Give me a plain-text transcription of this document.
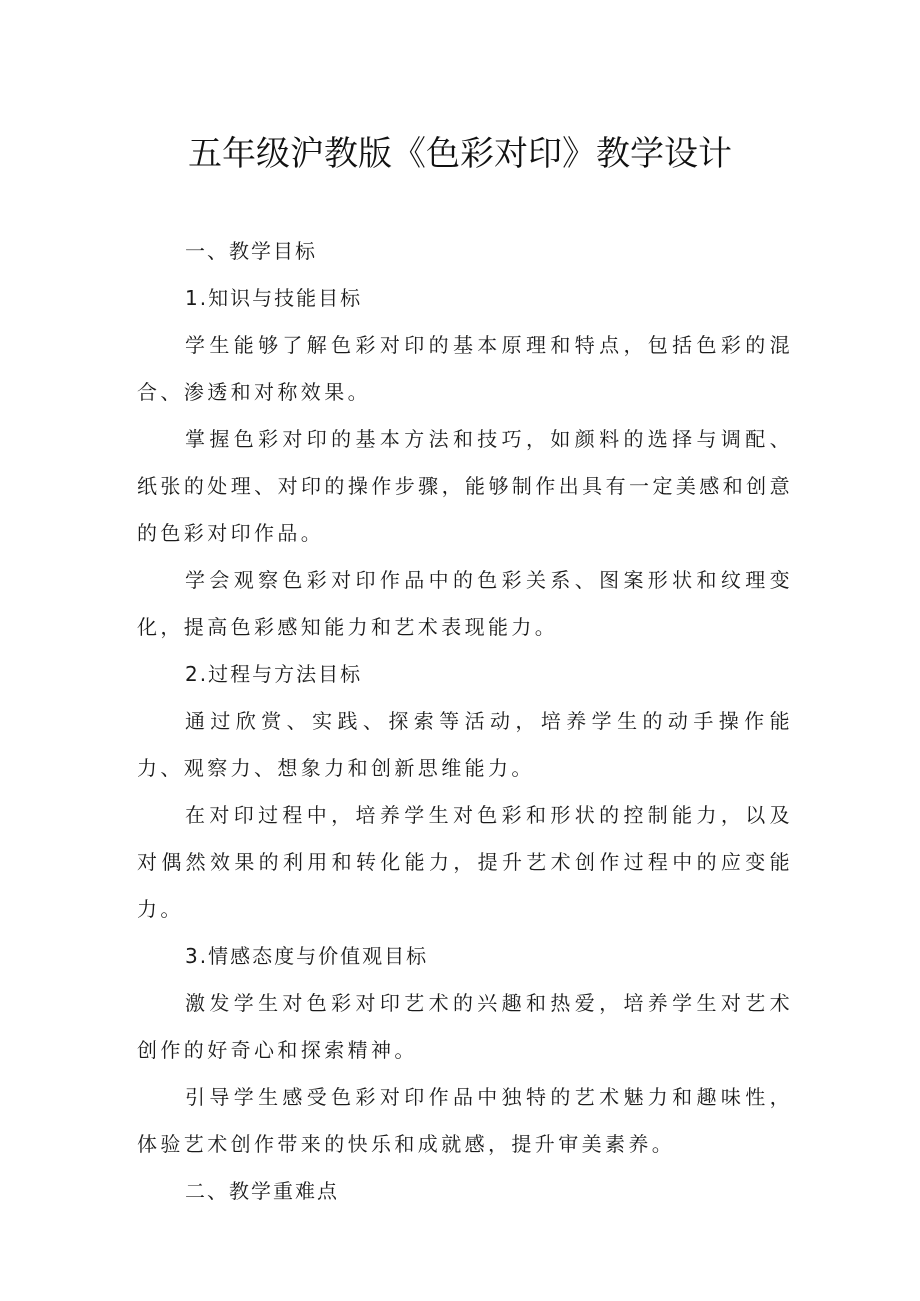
五年级沪教版《色彩对印》教学设计

一、教学目标

1.知识与技能目标

学生能够了解色彩对印的基本原理和特点，包括色彩的混合、渗透和对称效果。

掌握色彩对印的基本方法和技巧，如颜料的选择与调配、纸张的处理、对印的操作步骤，能够制作出具有一定美感和创意的色彩对印作品。

学会观察色彩对印作品中的色彩关系、图案形状和纹理变化，提高色彩感知能力和艺术表现能力。

2.过程与方法目标

通过欣赏、实践、探索等活动，培养学生的动手操作能力、观察力、想象力和创新思维能力。

在对印过程中，培养学生对色彩和形状的控制能力，以及对偶然效果的利用和转化能力，提升艺术创作过程中的应变能力。

3.情感态度与价值观目标

激发学生对色彩对印艺术的兴趣和热爱，培养学生对艺术创作的好奇心和探索精神。

引导学生感受色彩对印作品中独特的艺术魅力和趣味性，体验艺术创作带来的快乐和成就感，提升审美素养。

二、教学重难点
